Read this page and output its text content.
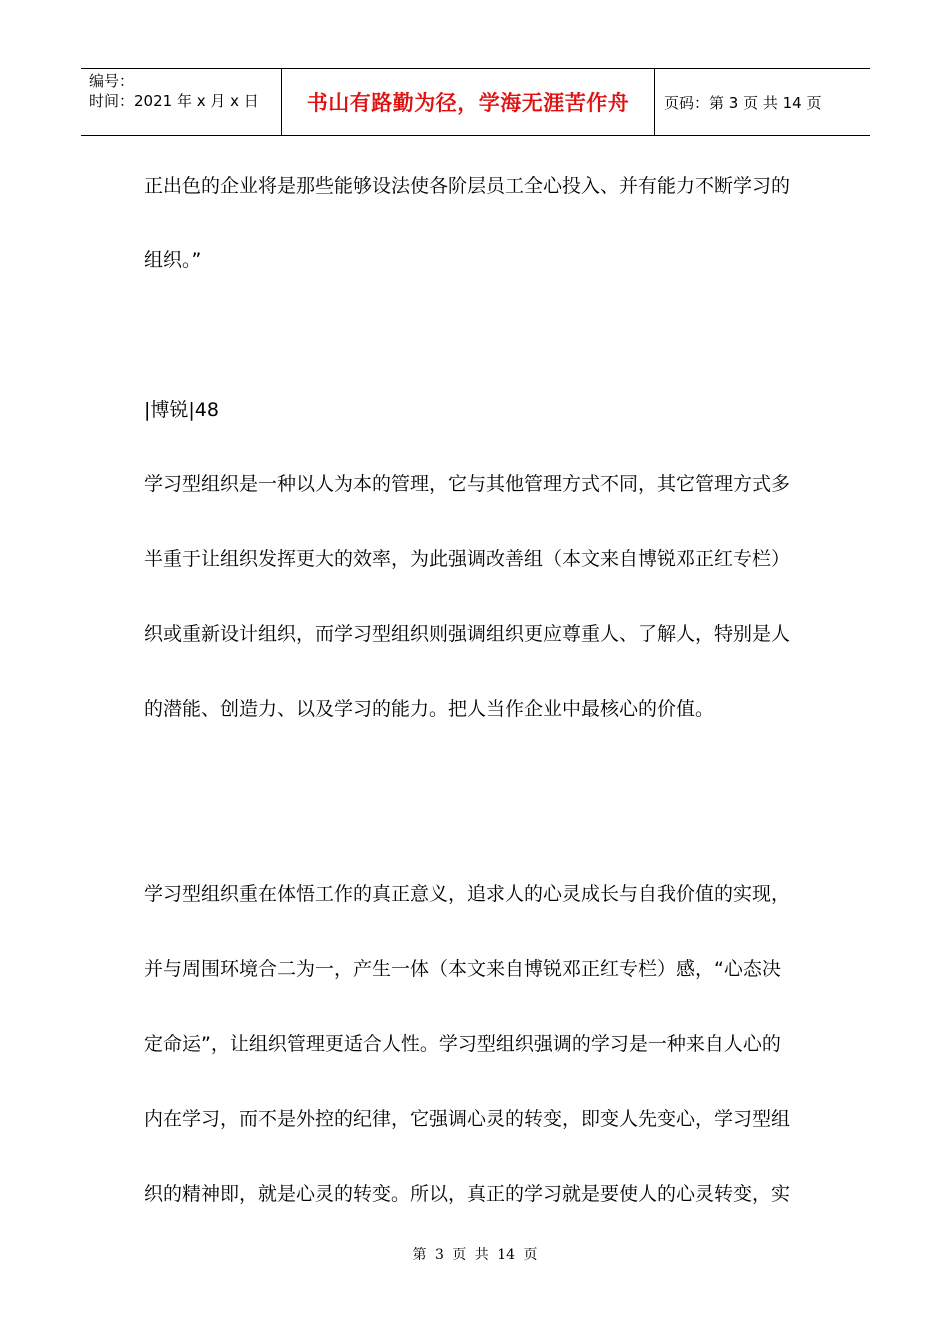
编号：
时间：2021 年 x 月 x 日	书山有路勤为径，学海无涯苦作舟	页码：第 3 页 共 14 页
正出色的企业将是那些能够设法使各阶层员工全心投入、并有能力不断学习的
组织。”
|博锐|48
学习型组织是一种以人为本的管理，它与其他管理方式不同，其它管理方式多
半重于让组织发挥更大的效率，为此强调改善组（本文来自博锐邓正红专栏）
织或重新设计组织，而学习型组织则强调组织更应尊重人、了解人，特别是人
的潜能、创造力、以及学习的能力。把人当作企业中最核心的价值。
学习型组织重在体悟工作的真正意义，追求人的心灵成长与自我价值的实现，
并与周围环境合二为一，产生一体（本文来自博锐邓正红专栏）感，“心态决
定命运”，让组织管理更适合人性。学习型组织强调的学习是一种来自人心的
内在学习，而不是外控的纪律，它强调心灵的转变，即变人先变心，学习型组
织的精神即，就是心灵的转变。所以，真正的学习就是要使人的心灵转变，实
第 3 页 共 14 页
